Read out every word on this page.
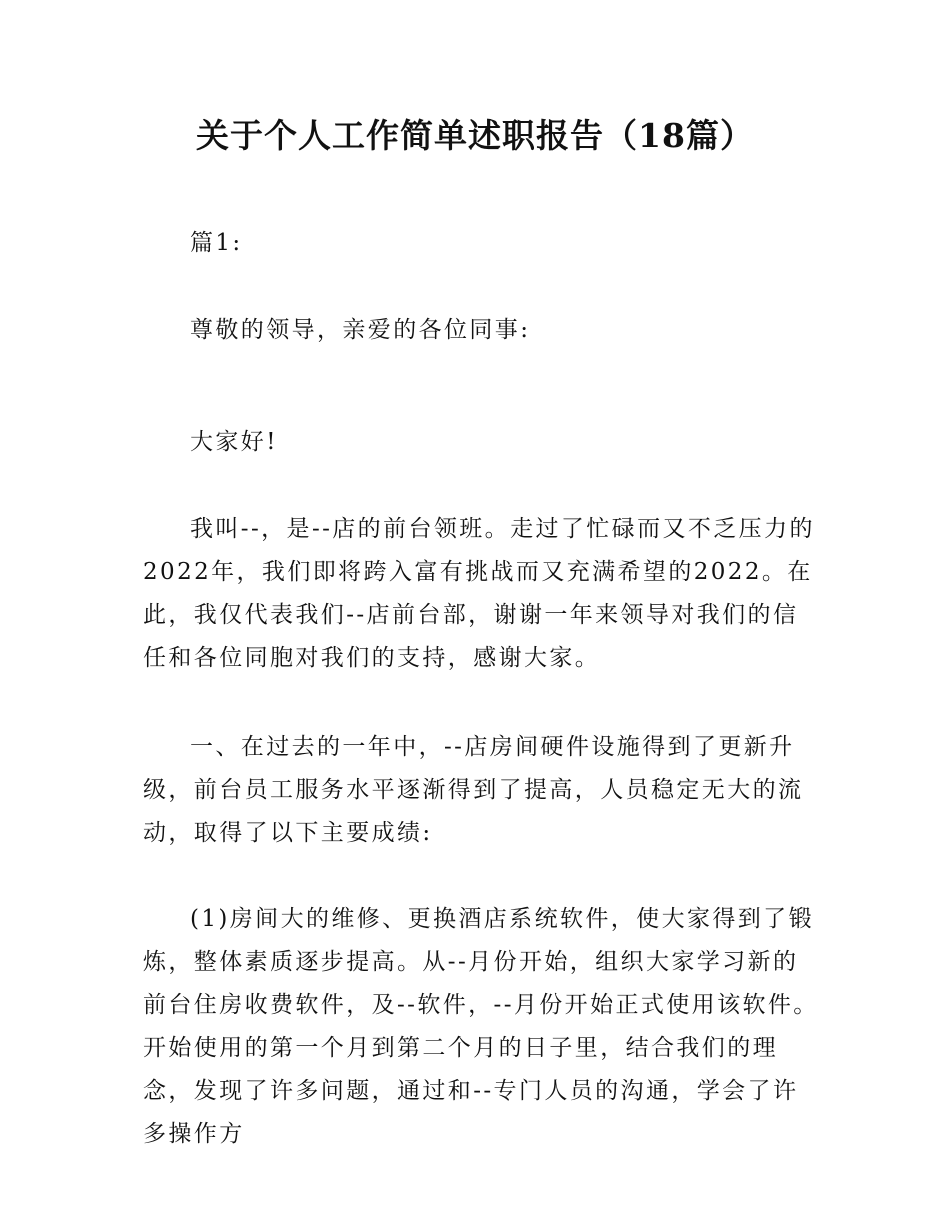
关于个人工作简单述职报告（18篇）

篇1:

尊敬的领导，亲爱的各位同事:

大家好!

我叫--，是--店的前台领班。走过了忙碌而又不乏压力的2022年，我们即将跨入富有挑战而又充满希望的2022。在此，我仅代表我们--店前台部，谢谢一年来领导对我们的信任和各位同胞对我们的支持，感谢大家。

一、在过去的一年中，--店房间硬件设施得到了更新升级，前台员工服务水平逐渐得到了提高，人员稳定无大的流动，取得了以下主要成绩:

(1)房间大的维修、更换酒店系统软件，使大家得到了锻炼，整体素质逐步提高。从--月份开始，组织大家学习新的前台住房收费软件，及--软件，--月份开始正式使用该软件。开始使用的第一个月到第二个月的日子里，结合我们的理念，发现了许多问题，通过和--专门人员的沟通，学会了许多操作方
